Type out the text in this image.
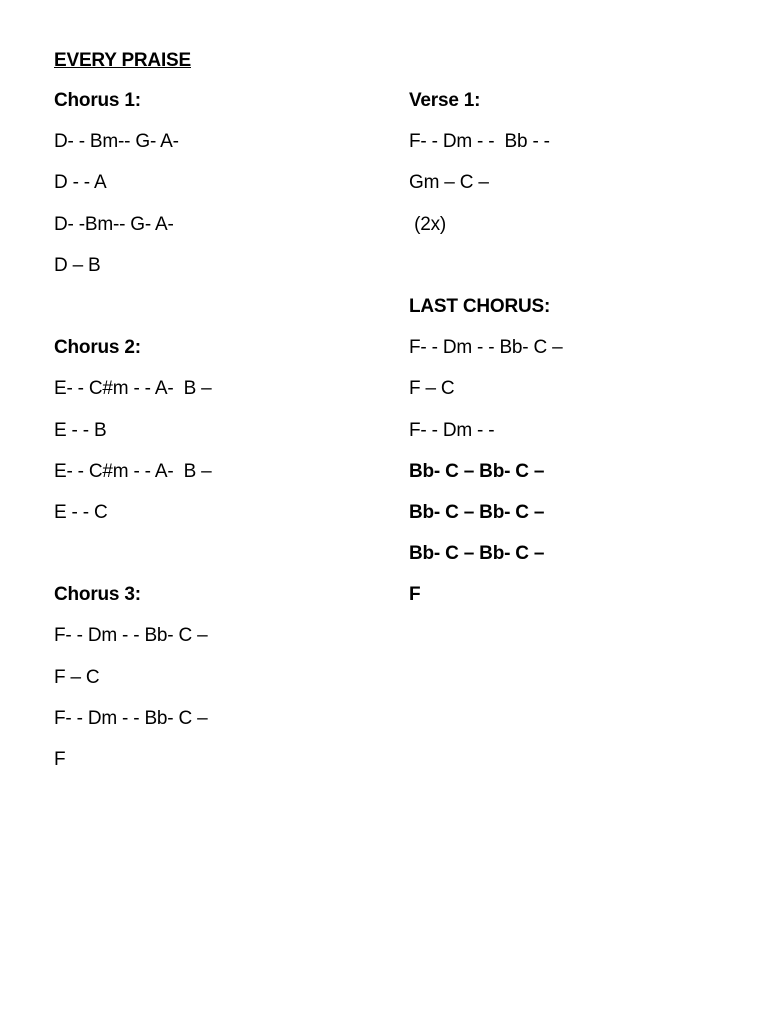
EVERY PRAISE
Chorus 1:
D- - Bm-- G- A-
D - - A
D- -Bm-- G- A-
D – B
Chorus 2:
E- - C#m - - A-  B –
E - - B
E- - C#m - - A-  B –
E - - C
Chorus 3:
F- - Dm - - Bb- C –
F – C
F- - Dm - - Bb- C –
F
Verse 1:
F- - Dm - -  Bb - -
Gm – C –
(2x)
LAST CHORUS:
F- - Dm - - Bb- C –
F – C
F- - Dm - -
Bb- C – Bb- C –
Bb- C – Bb- C –
Bb- C – Bb- C –
F
